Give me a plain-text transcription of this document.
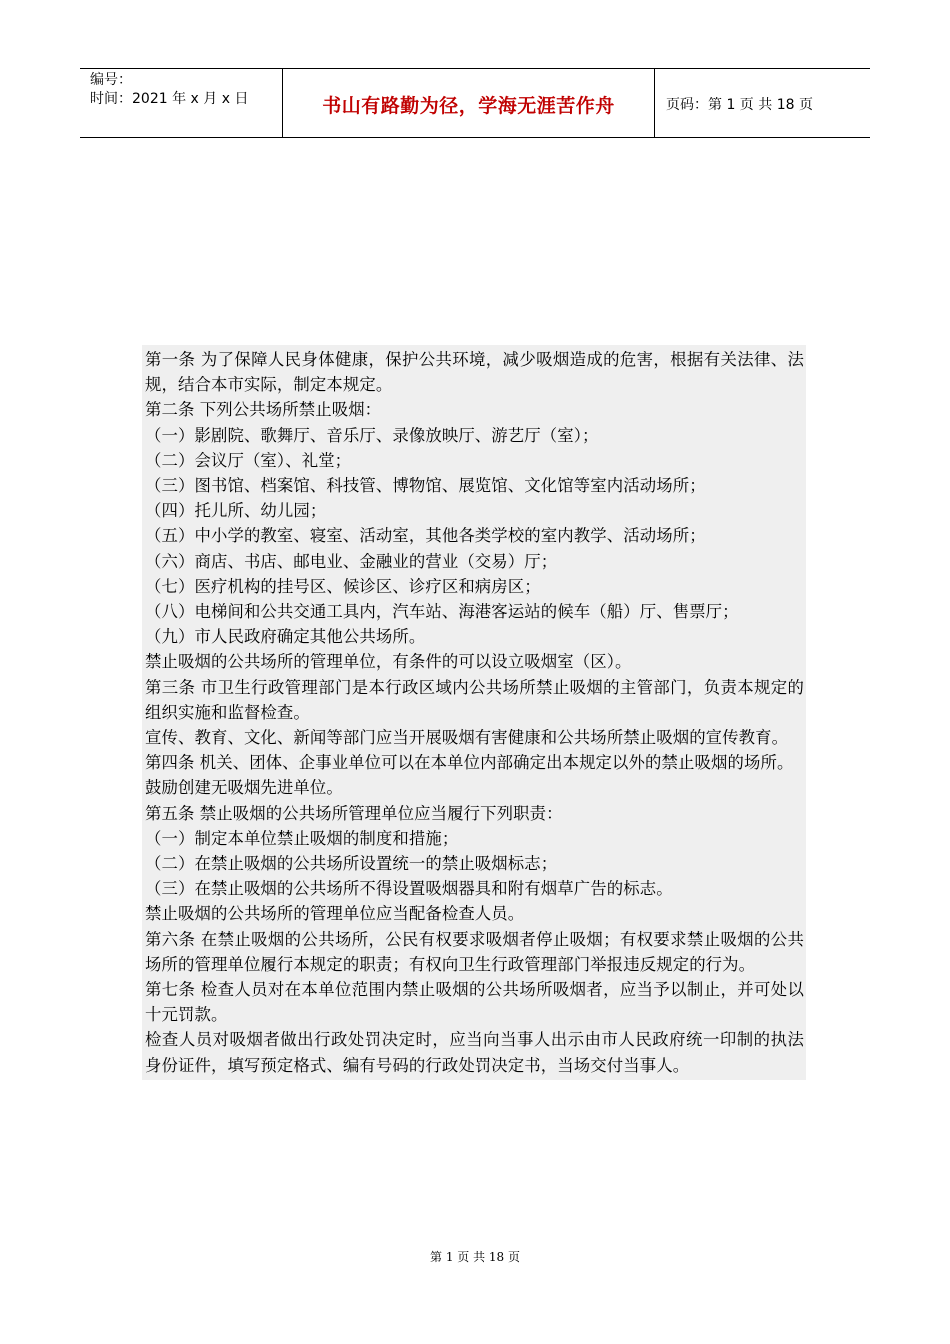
编号：
时间：2021 年 x 月 x 日	书山有路勤为径，学海无涯苦作舟	页码：第 1 页 共 18 页

第一条 为了保障人民身体健康，保护公共环境，减少吸烟造成的危害，根据有关法律、法规，结合本市实际，制定本规定。

第二条 下列公共场所禁止吸烟：

（一）影剧院、歌舞厅、音乐厅、录像放映厅、游艺厅（室）；

（二）会议厅（室）、礼堂；

（三）图书馆、档案馆、科技管、博物馆、展览馆、文化馆等室内活动场所；

（四）托儿所、幼儿园；

（五）中小学的教室、寝室、活动室，其他各类学校的室内教学、活动场所；

（六）商店、书店、邮电业、金融业的营业（交易）厅；

（七）医疗机构的挂号区、候诊区、诊疗区和病房区；

（八）电梯间和公共交通工具内，汽车站、海港客运站的候车（船）厅、售票厅；

（九）市人民政府确定其他公共场所。

禁止吸烟的公共场所的管理单位，有条件的可以设立吸烟室（区）。

第三条 市卫生行政管理部门是本行政区域内公共场所禁止吸烟的主管部门，负责本规定的组织实施和监督检查。

宣传、教育、文化、新闻等部门应当开展吸烟有害健康和公共场所禁止吸烟的宣传教育。

第四条 机关、团体、企事业单位可以在本单位内部确定出本规定以外的禁止吸烟的场所。

鼓励创建无吸烟先进单位。

第五条 禁止吸烟的公共场所管理单位应当履行下列职责：

（一）制定本单位禁止吸烟的制度和措施；

（二）在禁止吸烟的公共场所设置统一的禁止吸烟标志；

（三）在禁止吸烟的公共场所不得设置吸烟器具和附有烟草广告的标志。

禁止吸烟的公共场所的管理单位应当配备检查人员。

第六条 在禁止吸烟的公共场所，公民有权要求吸烟者停止吸烟；有权要求禁止吸烟的公共场所的管理单位履行本规定的职责；有权向卫生行政管理部门举报违反规定的行为。

第七条 检查人员对在本单位范围内禁止吸烟的公共场所吸烟者，应当予以制止，并可处以十元罚款。

检查人员对吸烟者做出行政处罚决定时，应当向当事人出示由市人民政府统一印制的执法身份证件，填写预定格式、编有号码的行政处罚决定书，当场交付当事人。

第 1 页 共 18 页
